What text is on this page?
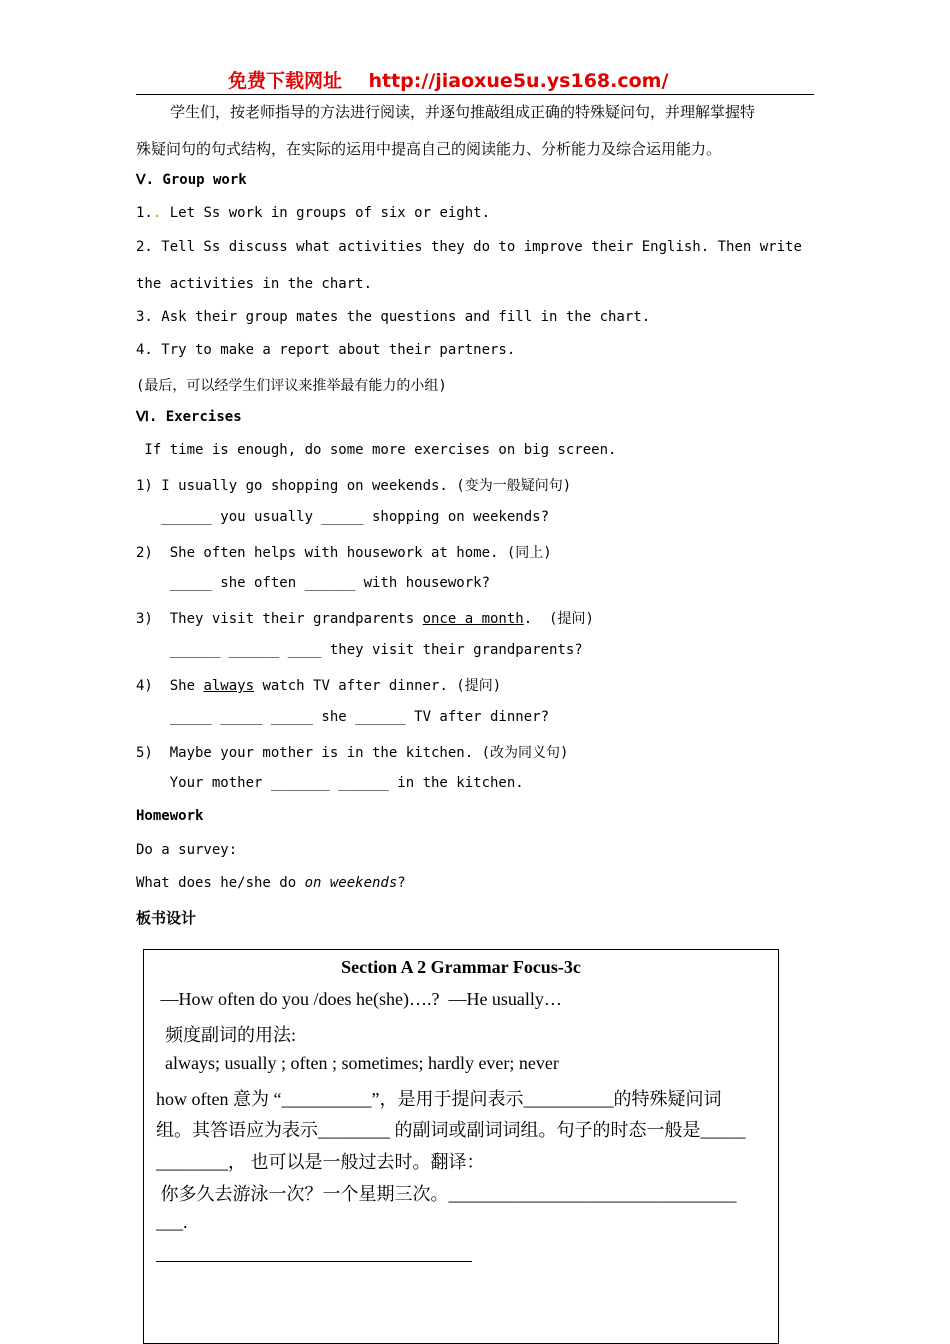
免费下载网址 http://jiaoxue5u.ys168.com/
学生们，按老师指导的方法进行阅读，并逐句推敲组成正确的特殊疑问句，并理解掌握特
殊疑问句的句式结构，在实际的运用中提高自己的阅读能力、分析能力及综合运用能力。
Ⅴ. Group work
1.. Let Ss work in groups of six or eight.
2. Tell Ss discuss what activities they do to improve their English. Then write
the activities in the chart.
3. Ask their group mates the questions and fill in the chart.
4. Try to make a report about their partners.
(最后，可以经学生们评议来推举最有能力的小组)
Ⅵ. Exercises
If time is enough, do some more exercises on big screen.
1) I usually go shopping on weekends. (变为一般疑问句)
______ you usually _____ shopping on weekends?
2)  She often helps with housework at home. (同上)
_____ she often ______ with housework?
3)  They visit their grandparents once a month.  (提问)
______ ______ ____ they visit their grandparents?
4)  She always watch TV after dinner. (提问)
_____ _____ _____ she ______ TV after dinner?
5)  Maybe your mother is in the kitchen. (改为同义句)
Your mother _______ ______ in the kitchen.
Homework
Do a survey:
What does he/she do on weekends?
板书设计
Section A 2 Grammar Focus-3c
—How often do you /does he(she)….?  —He usually…
频度副词的用法:
always; usually ; often ; sometimes; hardly ever; never
how often 意为 “__________”，是用于提问表示__________的特殊疑问词
组。其答语应为表示________ 的副词或副词词组。句子的时态一般是_____
________， 也可以是一般过去时。翻译：
你多久去游泳一次？一个星期三次。________________________________
___.
